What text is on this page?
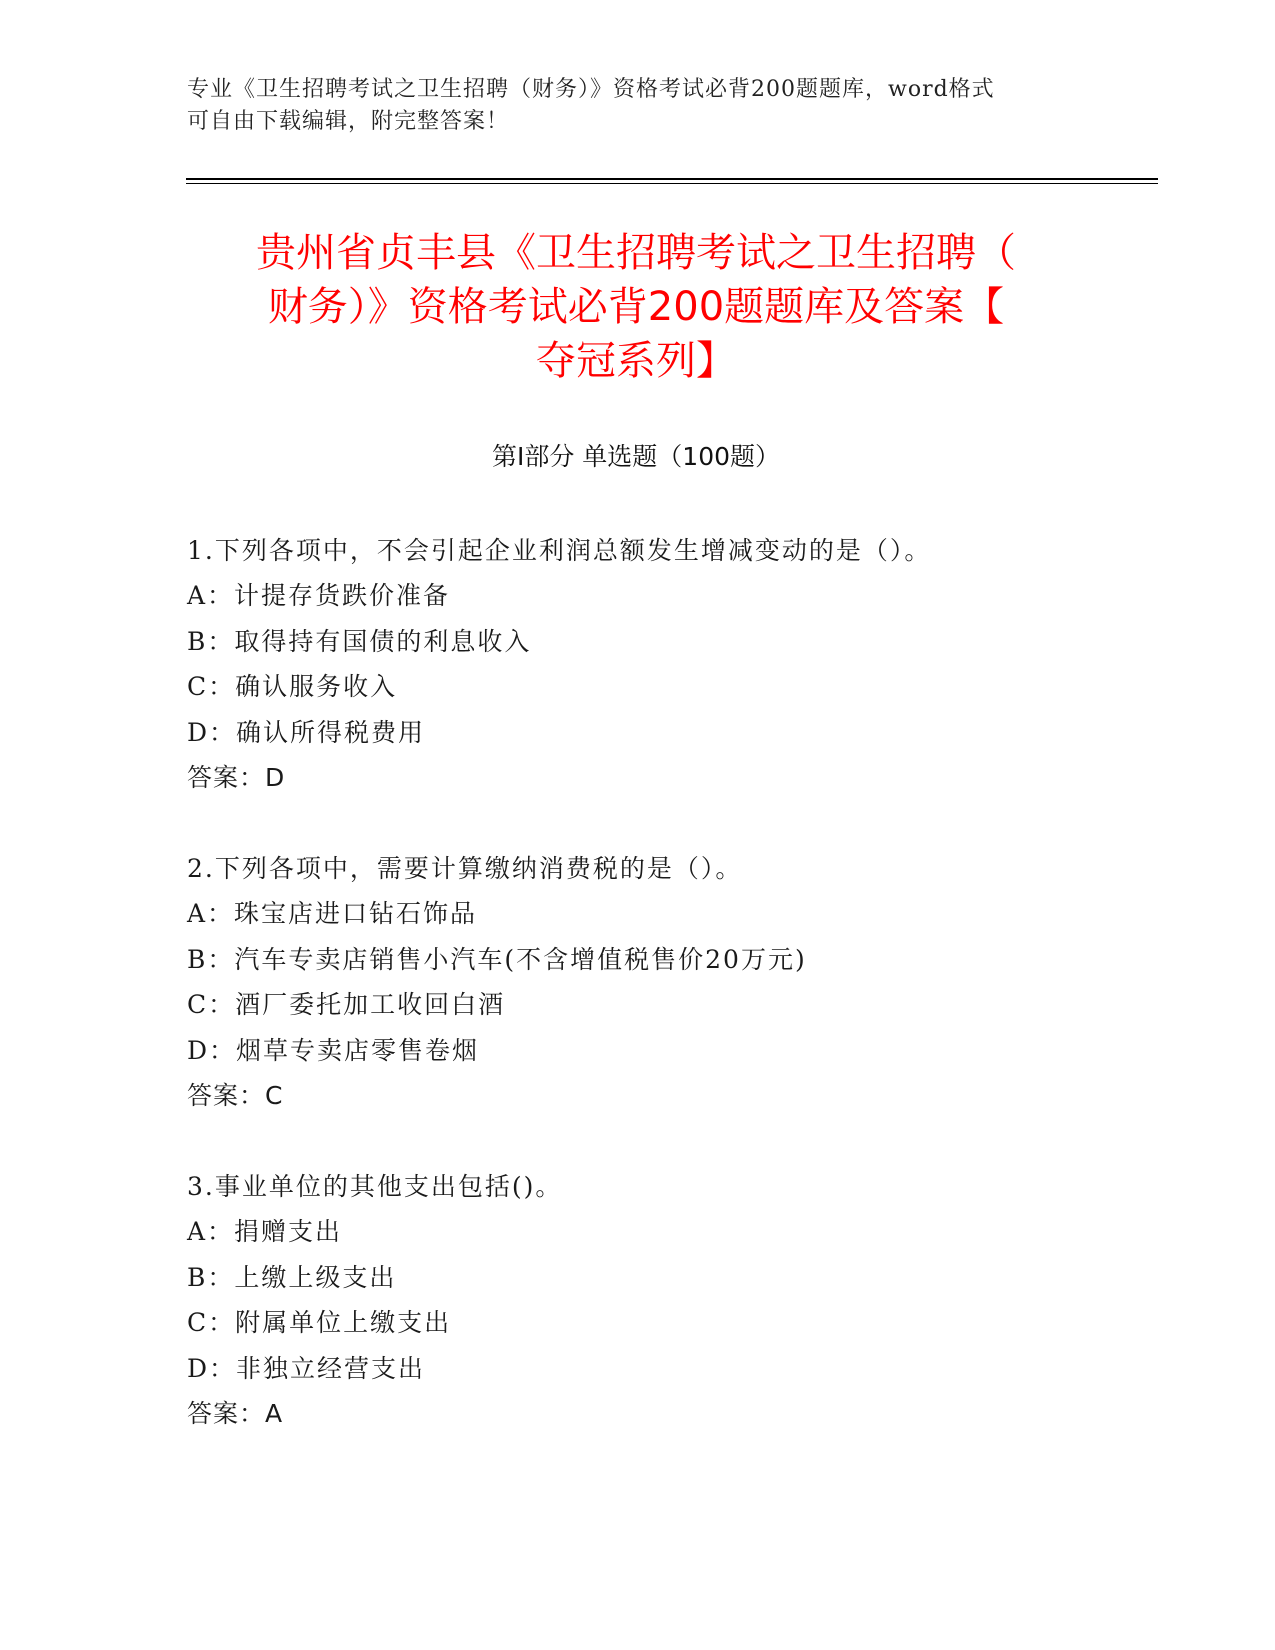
专业《卫生招聘考试之卫生招聘（财务）》资格考试必背200题题库，word格式
可自由下载编辑，附完整答案！
贵州省贞丰县《卫生招聘考试之卫生招聘（
财务）》资格考试必背200题题库及答案【
夺冠系列】
第Ⅰ部分 单选题（100题）
1.下列各项中，不会引起企业利润总额发生增减变动的是（）。
A：计提存货跌价准备
B：取得持有国债的利息收入
C：确认服务收入
D：确认所得税费用
答案：D
2.下列各项中，需要计算缴纳消费税的是（）。
A：珠宝店进口钻石饰品
B：汽车专卖店销售小汽车(不含增值税售价20万元)
C：酒厂委托加工收回白酒
D：烟草专卖店零售卷烟
答案：C
3.事业单位的其他支出包括()。
A：捐赠支出
B：上缴上级支出
C：附属单位上缴支出
D：非独立经营支出
答案：A
